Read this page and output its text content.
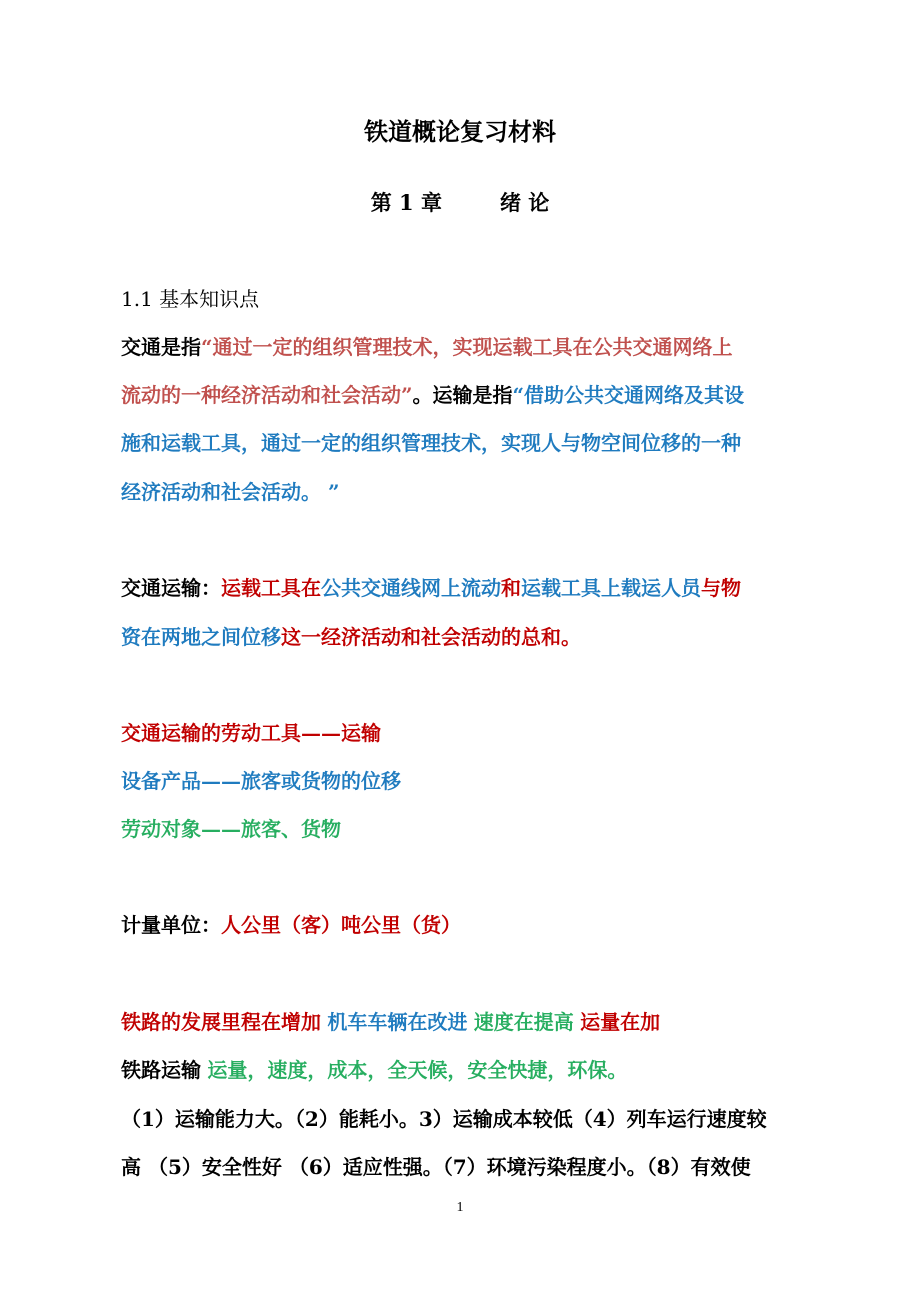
铁道概论复习材料
第 1 章	绪 论
1.1 基本知识点
交通是指“通过一定的组织管理技术，实现运载工具在公共交通网络上
流动的一种经济活动和社会活动”。运输是指“借助公共交通网络及其设
施和运载工具，通过一定的组织管理技术，实现人与物空间位移的一种
经济活动和社会活动。 ”
交通运输：运载工具在公共交通线网上流动和运载工具上载运人员与物
资在两地之间位移这一经济活动和社会活动的总和。
交通运输的劳动工具——运输
设备产品——旅客或货物的位移
劳动对象——旅客、货物
计量单位：人公里（客）吨公里（货）
铁路的发展里程在增加 机车车辆在改进 速度在提高 运量在加
铁路运输 运量，速度，成本，全天候，安全快捷，环保。
（1）运输能力大。（2）能耗小。3）运输成本较低（4）列车运行速度较
高 （5）安全性好 （6）适应性强。（7）环境污染程度小。（8）有效使
1
